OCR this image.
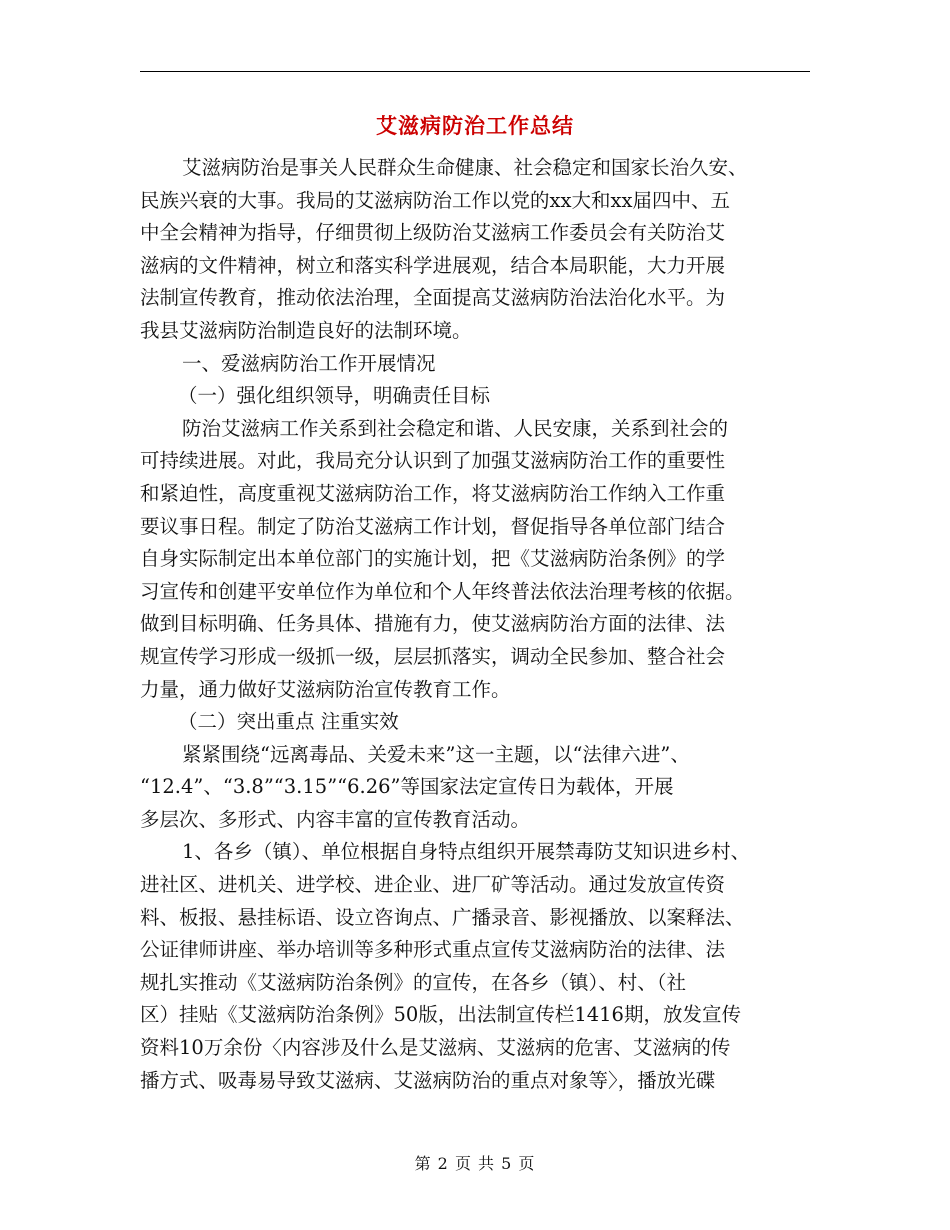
艾滋病防治工作总结
艾滋病防治是事关人民群众生命健康、社会稳定和国家长治久安、
民族兴衰的大事。我局的艾滋病防治工作以党的xx大和xx届四中、五
中全会精神为指导，仔细贯彻上级防治艾滋病工作委员会有关防治艾
滋病的文件精神，树立和落实科学进展观，结合本局职能，大力开展
法制宣传教育，推动依法治理，全面提高艾滋病防治法治化水平。为
我县艾滋病防治制造良好的法制环境。
一、爱滋病防治工作开展情况
（一）强化组织领导，明确责任目标
防治艾滋病工作关系到社会稳定和谐、人民安康，关系到社会的
可持续进展。对此，我局充分认识到了加强艾滋病防治工作的重要性
和紧迫性，高度重视艾滋病防治工作，将艾滋病防治工作纳入工作重
要议事日程。制定了防治艾滋病工作计划，督促指导各单位部门结合
自身实际制定出本单位部门的实施计划，把《艾滋病防治条例》的学
习宣传和创建平安单位作为单位和个人年终普法依法治理考核的依据。
做到目标明确、任务具体、措施有力，使艾滋病防治方面的法律、法
规宣传学习形成一级抓一级，层层抓落实，调动全民参加、整合社会
力量，通力做好艾滋病防治宣传教育工作。
（二）突出重点 注重实效
紧紧围绕“远离毒品、关爱未来”这一主题，以“法律六进”、
“12.4”、“3.8”“3.15”“6.26”等国家法定宣传日为载体，开展
多层次、多形式、内容丰富的宣传教育活动。
1、各乡（镇）、单位根据自身特点组织开展禁毒防艾知识进乡村、
进社区、进机关、进学校、进企业、进厂矿等活动。通过发放宣传资
料、板报、悬挂标语、设立咨询点、广播录音、影视播放、以案释法、
公证律师讲座、举办培训等多种形式重点宣传艾滋病防治的法律、法
规扎实推动《艾滋病防治条例》的宣传，在各乡（镇）、村、（社
区）挂贴《艾滋病防治条例》50版，出法制宣传栏1416期，放发宣传
资料10万余份〈内容涉及什么是艾滋病、艾滋病的危害、艾滋病的传
播方式、吸毒易导致艾滋病、艾滋病防治的重点对象等〉，播放光碟
第 2 页 共 5 页
